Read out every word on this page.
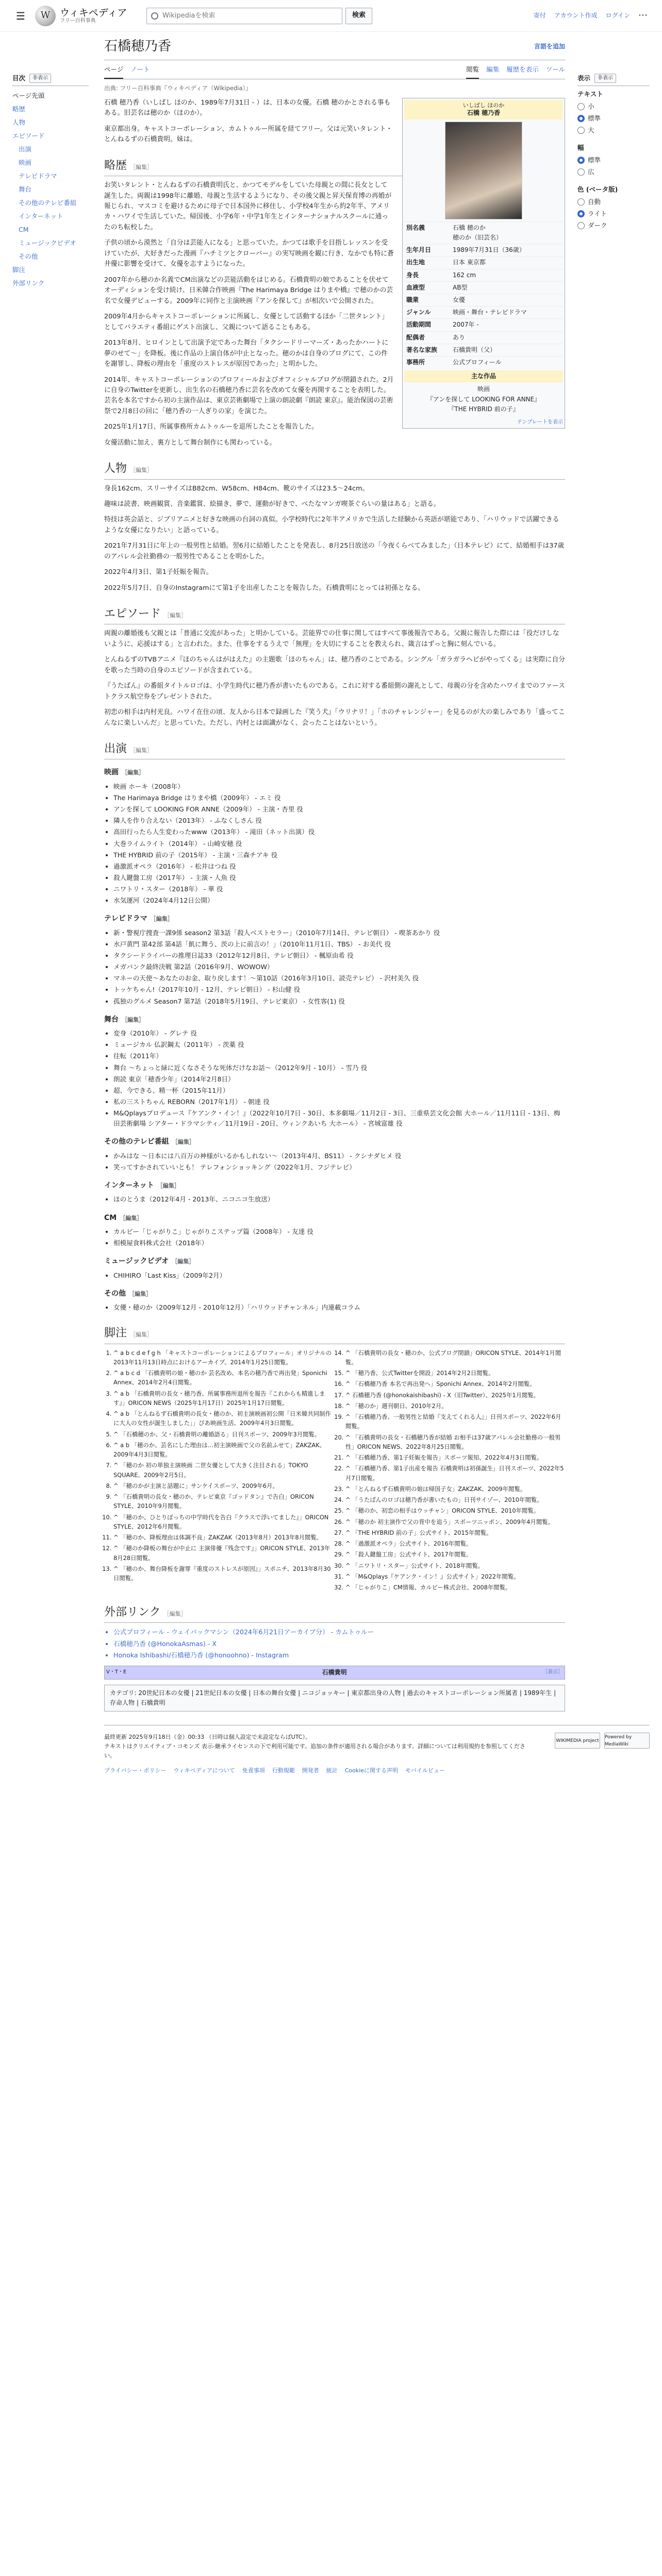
☰	W ウィキペディア
フリー百科事典
Wikipediaを検索
検索	寄付 アカウント作成 ログイン ⋯
目次	非表示
ページ先頭
略歴
人物
エピソード
出演
映画
テレビドラマ
舞台
その他のテレビ番組
インターネット
CM
ミュージックビデオ
その他
脚注
外部リンク
石橋穂乃香	言語を追加
ページ ノート	閲覧 編集 履歴を表示 ツール
出典: フリー百科事典『ウィキペディア（Wikipedia）』
いしばし ほのか
石橋 穂乃香
別名義	石橋 穂のか
穂のか（旧芸名）
生年月日	1989年7月31日（36歳）
出生地	日本 東京都
身長	162 cm
血液型	AB型
職業	女優
ジャンル	映画・舞台・テレビドラマ
活動期間	2007年 -
配偶者	あり
著名な家族	石橋貴明（父）
事務所	公式プロフィール
主な作品
映画
『アンを探して LOOKING FOR ANNE』
『THE HYBRID 前の子』
テンプレートを表示

石橋 穂乃香（いしばし ほのか、1989年7月31日 - ）は、日本の女優。石橋 穂のかとされる事もある。旧芸名は穂のか（ほのか）。

東京都出身。キャストコーポレーション、カムトゥルー所属を経てフリー。父は元笑いタレント・とんねるずの石橋貴明。妹は。

略歴 ［編集］

お笑いタレント・とんねるずの石橋貴明氏と、かつてモデルをしていた母親との間に長女として誕生した。両親は1998年に離婚、母親と生活するようになり、その後父親と昇天保育博の再婚が報じられ、マスコミを避けるために母子で日本国外に移住し、小学校4年生から約2年半、アメリカ・ハワイで生活していた。帰国後、小学6年・中学1年生とインターナショナルスクールに通ったのち転校した。

子供の頃から漠然と「自分は芸能人になる」と思っていた。かつては歌手を目指しレッスンを受けていたが、大好きだった漫画『ハチミツとクローバー』の実写映画を観に行き、なかでも特に蒼井優に影響を受けて、女優を志すようになった。

2007年から穂のか名義でCM出演などの芸能活動をはじめる。石橋貴明の娘であることを伏せてオーディションを受け続け、日米韓合作映画『The Harimaya Bridge はりまや橋』で穂のかの芸名で女優デビューする。2009年に同作と主演映画『アンを探して』が相次いで公開された。

2009年4月からキャストコーポレーションに所属し、女優として活動するほか「二世タレント」としてバラエティ番組にゲスト出演し、父親について語ることもある。

2013年8月、ヒロインとして出演予定であった舞台「タクシードリーマーズ・あったかハートに夢のせて〜」を降板。後に作品の上演自体が中止となった。穂のかは自身のブログにて、この件を謝罪し、降板の理由を「重度のストレスが原因であった」と明かした。

2014年、キャストコーポレーションのプロフィールおよびオフィシャルブログが閉鎖された。2月に自身のTwitterを更新し、出生名の石橋穂乃香に芸名を改めて女優を再開することを表明した。芸名を本名ですから初の主演作品は、東京芸術劇場で上演の朗読劇『朗読 東京』。能治保図の芸術祭で2月8日の回に「穂乃香の一人ぎりの家」を演じた。

2025年1月17日、所属事務所カムトゥルーを退所したことを報告した。

女優活動に加え、裏方として舞台制作にも関わっている。

人物 ［編集］

身長162cm、スリーサイズはB82cm、W58cm、H84cm、靴のサイズは23.5〜24cm。

趣味は読書、映画観賞、音楽鑑賞、絵描き、夢で、運動が好きで、ぺたなマンガ喫茶ぐらいの量はある」と語る。

特技は英会話と、ジブリアニメと好きな映画の台詞の真似。小学校時代に2年半アメリカで生活した経験から英語が堪能であり、「ハリウッドで活躍できるような女優になりたい」と語っている。

2021年7月31日に年上の一般男性と結婚。翌6月に結婚したことを発表し、8月25日放送の「今夜くらべてみました」（日本テレビ）にて、結婚相手は37歳のアパレル会社勤務の一般男性であることを明かした。

2022年4月3日、第1子妊娠を報告。

2022年5月7日、自身のInstagramにて第1子を出産したことを報告した。石橋貴明にとっては初孫となる。

エピソード ［編集］

両親の離婚後も父親とは「普通に交流があった」と明かしている。芸能界での仕事に関してはすべて事後報告である。父親に報告した際には「役だけしないように、応援はする」と言われた。また、仕事をするうえで「無理」を大切にすることを教えられ、箴言はずっと胸に刻んでいる。

とんねるずのTVBアニメ『ほのちゃんはがはえた』の主題歌「ほのちゃん」は、穂乃香のことである。シングル「ガラガラヘビがやってくる」は実際に自分を歌った当時の自身のエピソードが含まれている。

『うたばん』の番組タイトルロゴは、小学生時代に穂乃香が書いたものである。これに対する番組側の謝礼として、母親の分を含めたハワイまでのファーストクラス航空券をプレゼントされた。

初恋の相手は内村光良。ハワイ在住の頃、友人から日本で録画した『笑う犬』「ウリナリ！」「ホのチャレンジャー」を見るのが大の楽しみであり「盛ってこんなに楽しいんだ」と思っていた。ただし、内村とは面識がなく、会ったことはないという。

出演 ［編集］
映画 ［編集］
• 映画 ホーキ（2008年）
• The Harimaya Bridge はりまや橋（2009年） - エミ 役
• アンを探して LOOKING FOR ANNE（2009年） - 主演・杏里 役
• 隣人を作り合えない（2013年） - ふなくしさん 役
• 高田行ったら人生変わったwww（2013年） - 滝田（ネット出演）役
• 大巻ライムライト（2014年） - 山崎安穂 役
• THE HYBRID 前の子（2015年） - 主演・三森チアキ 役
• 過激派オペラ（2016年） - 松井はつね 役
• 殺人鍵盤工房（2017年） - 主演・人魚 役
• ニワトリ・スター（2018年） - 華 役
• 水気運河（2024年4月12日公開）
テレビドラマ ［編集］
• 新・警視庁捜査一課9係 season2 第3話「殺人ベストセラー」（2010年7月14日、テレビ朝日） - 喫茶あかり 役
• 水戸黄門 第42部 第4話「飢に舞う、茨の上に前言の！」（2010年11月1日、TBS） - お美代 役
• タクシードライバーの推理日誌33（2012年12月8日、テレビ朝日） - 楓原由希 役
• メガバンク最終決戦 第2話（2016年9月、WOWOW）
• マネーの天使〜あなたのお金、取り戻します！〜第10話（2016年3月10日、読売テレビ） - 沢村美久 役
• トッケちゃん!（2017年10月 - 12月、テレビ朝日） - 杉山健 役
• 孤独のグルメ Season7 第7話（2018年5月19日、テレビ東京） - 女性客(1) 役
舞台 ［編集］
• 変身（2010年） - グレテ 役
• ミュージカル 仏訳鋼太（2011年） - 茨薬 役
• 往転（2011年）
• 舞台 ～ちょっと緑に近くなさそうな死体だけなお話～（2012年9月 - 10月） - 雪乃 役
• 朗読 東京「穂香少年」（2014年2月8日）
• 超、今できる、精一杯（2015年11月）
• 私の三ストちゃん REBORN（2017年1月） - 朝達 役
• M&Qplaysプロデュース『ケアンク・イン！』（2022年10月7日 - 30日、本多劇場／11月2日 - 3日、三重県芸文化会館 大ホール／11月11日 - 13日、梅田芸術劇場 シアター・ドラマシティ／11月19日 - 20日、ウィンクあいち 大ホール） - 宮城富雄 役
その他のテレビ番組 ［編集］
• かみはな 〜日本には八百万の神様がいるかもしれない〜（2013年4月、BS11） - クシナダヒメ 役
• 笑ってすかされていいとも！ テレフォンショッキング（2022年1月、フジテレビ）
インターネット ［編集］
• ほのとうま（2012年4月 - 2013年、ニコニコ生放送）
CM ［編集］
• カルビー「じゃがりこ」じゃがりこステップ篇（2008年） - 友達 役
• 相模屋食料株式会社（2018年）
ミュージックビデオ ［編集］
• CHIHIRO「Last Kiss」（2009年2月）
その他 ［編集］
• 女優・穂のか（2009年12月 - 2010年12月）「ハリウッドチャンネル」内連載コラム
脚注 ［編集］
1. ^ a b c d e f g h 「キャストコーポレーションによるプロフィール」オリジナルの2013年11月13日時点におけるアーカイブ。2014年1月25日閲覧。
2. ^ a b c d 「石橋貴明の娘・穂のか 芸名改め、本名の穂乃香で再出発」Sponichi Annex、2014年2月4日閲覧。
3. ^ a b 「石橋貴明の長女・穂乃香、所属事務所退所を報告『これからも精進します』」ORICON NEWS（2025年1月17日）2025年1月17日閲覧。
4. ^ a b 「とんねるず石橋貴明の長女・穂のか、初主演映画初公開「日米韓共同制作に大人の女性が誕生しました」」ぴあ映画生活、2009年4月3日閲覧。
5. ^ 「石橋穂のか、父・石橋貴明の離婚語る」日刊スポーツ、2009年3月閲覧。
6. ^ a b 「穂のか、芸名にした理由は…初主演映画で父の名前ふせて」ZAKZAK、2009年4月3日閲覧。
7. ^ 「穂のか 初の単独主演映画 二世女優として大きく注目される」TOKYO SQUARE、2009年2月5日。
8. ^ 「穂のかが主演と話題に」サンケイスポーツ、2009年6月。
9. ^ 「石橋貴明の長女・穂のか、テレビ東京『ゴッドタン』で告白」ORICON STYLE、2010年9月閲覧。
10. ^ 「穂のか、ひとりぼっちの中学時代を告白『クラスで浮いてました』」ORICON STYLE、2012年6月閲覧。
11. ^ 「穂のか、降板理由は体調不良」ZAKZAK（2013年8月）2013年8月閲覧。
12. ^ 「穂のか降板の舞台が中止に 主演俳優『残念です』」ORICON STYLE、2013年8月28日閲覧。
13. ^ 「穂のか、舞台降板を謝罪『重度のストレスが原因』」スポニチ、2013年8月30日閲覧。
14. ^ 「石橋貴明の長女・穂のか、公式ブログ閉鎖」ORICON STYLE、2014年1月閲覧。
15. ^ 「穂乃香、公式Twitterを開設」2014年2月2日閲覧。
16. ^ 「石橋穂乃香 本名で再出発へ」Sponichi Annex、2014年2月閲覧。
17. ^ 石橋穂乃香 (@honokaishibashi) - X（旧Twitter）、2025年1月閲覧。
18. ^ 「穂のか」週刊朝日、2010年2月。
19. ^ 「石橋穂乃香、一般男性と結婚『支えてくれる人』」日刊スポーツ、2022年6月閲覧。
20. ^ 「石橋貴明の長女・石橋穂乃香が結婚 お相手は37歳アパレル会社勤務の一般男性」ORICON NEWS、2022年8月25日閲覧。
21. ^ 「石橋穂乃香、第1子妊娠を報告」スポーツ報知、2022年4月3日閲覧。
22. ^ 「石橋穂乃香、第1子出産を報告 石橋貴明は初孫誕生」日刊スポーツ、2022年5月7日閲覧。
23. ^ 「とんねるず石橋貴明の娘は帰国子女」ZAKZAK、2009年閲覧。
24. ^ 「うたばんのロゴは穂乃香が書いたもの」日刊サイゾー、2010年閲覧。
25. ^ 「穂のか、初恋の相手はウッチャン」ORICON STYLE、2010年閲覧。
26. ^ 「穂のか 初主演作で父の背中を追う」スポーツニッポン、2009年4月閲覧。
27. ^ 「THE HYBRID 前の子」公式サイト、2015年閲覧。
28. ^ 「過激派オペラ」公式サイト、2016年閲覧。
29. ^ 「殺人鍵盤工房」公式サイト、2017年閲覧。
30. ^ 「ニワトリ・スター」公式サイト、2018年閲覧。
31. ^ 「M&Qplays『ケアンク・イン！』公式サイト」2022年閲覧。
32. ^ 「じゃがりこ」CM情報、カルビー株式会社、2008年閲覧。
外部リンク ［編集］
• 公式プロフィール - ウェイバックマシン（2024年6月21日アーカイブ分） - カムトゥルー
• 石橋穂乃香 (@HonokaAsmas) - X
• Honoka Ishibashi/石橋穂乃香 (@honoohno) - Instagram
V・T・E	石橋貴明	［表示］
カテゴリ: 20世紀日本の女優 | 21世紀日本の女優 | 日本の舞台女優 | ニコジョッキー | 東京都出身の人物 | 過去のキャストコーポレーション所属者 | 1989年生 | 存命人物 | 石橋貴明
表示	非表示
テキスト
小
標準
大
幅
標準
広
色 (ベータ版)
自動
ライト
ダーク
WIKIMEDIA project
Powered by MediaWiki
最終更新 2025年9月18日（金）00:33 （日時は個人設定で未設定ならばUTC）。
テキストはクリエイティブ・コモンズ 表示-継承ライセンスの下で利用可能です。追加の条件が適用される場合があります。詳細については利用規約を参照してください。
プライバシー・ポリシー ウィキペディアについて 免責事項 行動規範 開発者 統計 Cookieに関する声明 モバイルビュー
